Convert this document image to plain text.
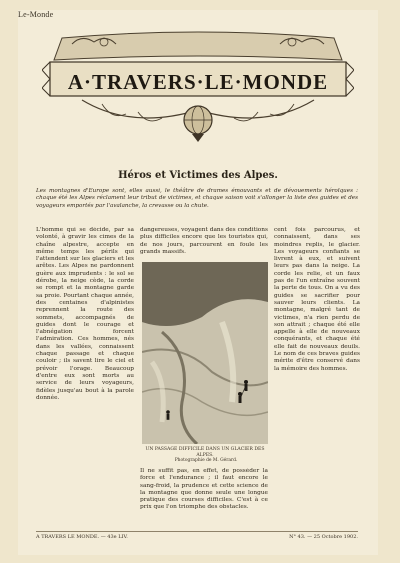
Le-Monde
A·TRAVERS·LE·MONDE
Héros et Victimes des Alpes.
Les montagnes d'Europe sont, elles aussi, le théâtre de drames émouvants et de dévouements héroïques : chaque été les Alpes réclament leur tribut de victimes, et chaque saison voit s'allonger la liste des guides et des voyageurs emportés par l'avalanche, la crevasse ou la chute.

L'homme qui se décide, par sa volonté, à gravir les cimes de la chaîne alpestre, accepte en même temps les périls qui l'attendent sur les glaciers et les arêtes. Les Alpes ne pardonnent guère aux imprudents : le sol se dérobe, la neige cède, la corde se rompt et la montagne garde sa proie. Pourtant chaque année, des centaines d'alpinistes reprennent la route des sommets, accompagnés de guides dont le courage et l'abnégation forcent l'admiration. Ces hommes, nés dans les vallées, connaissent chaque passage et chaque couloir ; ils savent lire le ciel et prévoir l'orage. Beaucoup d'entre eux sont morts au service de leurs voyageurs, fidèles jusqu'au bout à la parole donnée.

dangereuses, voyagent dans des conditions plus difficiles encore que les touristes qui, de nos jours, parcourent en foule les grands massifs.

UN PASSAGE DIFFICILE DANS UN GLACIER DES ALPES.
Photographie de M. Gérard.

Il ne suffit pas, en effet, de posséder la force et l'endurance ; il faut encore le sang-froid, la prudence et cette science de la montagne que donne seule une longue pratique des courses difficiles. C'est à ce prix que l'on triomphe des obstacles.

cent fois parcourus, et connaissent, dans ses moindres replis, le glacier. Les voyageurs confiants se livrent à eux, et suivent leurs pas dans la neige. La corde les relie, et un faux pas de l'un entraîne souvent la perte de tous. On a vu des guides se sacrifier pour sauver leurs clients. La montagne, malgré tant de victimes, n'a rien perdu de son attrait ; chaque été elle appelle à elle de nouveaux conquérants, et chaque été elle fait de nouveaux deuils. Le nom de ces braves guides mérite d'être conservé dans la mémoire des hommes.

A TRAVERS LE MONDE. — 43e LIV.	N° 43. — 25 Octobre 1902.
